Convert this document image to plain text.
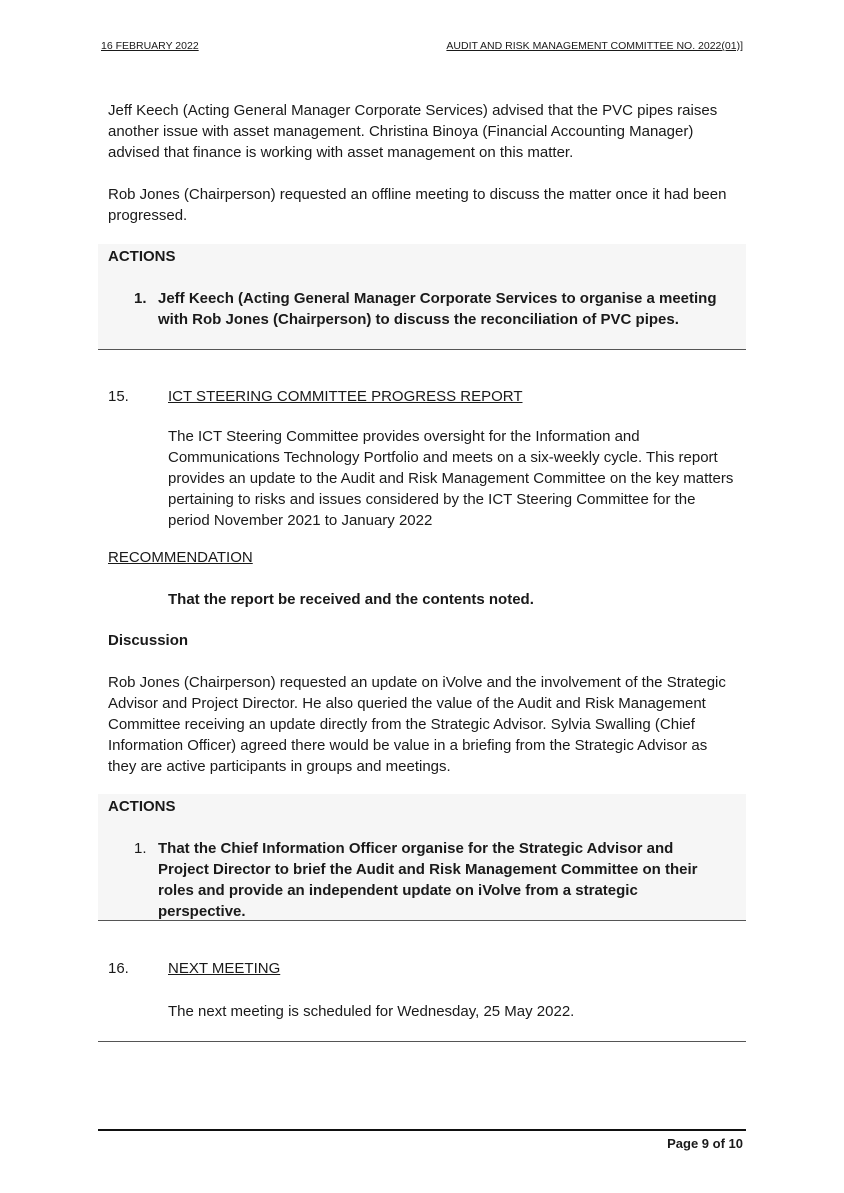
16 FEBRUARY 2022	AUDIT AND RISK MANAGEMENT COMMITTEE NO. 2022(01)]

Jeff Keech (Acting General Manager Corporate Services) advised that the PVC pipes raises another issue with asset management. Christina Binoya (Financial Accounting Manager) advised that finance is working with asset management on this matter.

Rob Jones (Chairperson) requested an offline meeting to discuss the matter once it had been progressed.

ACTIONS
1. Jeff Keech (Acting General Manager Corporate Services to organise a meeting with Rob Jones (Chairperson) to discuss the reconciliation of PVC pipes.
15.	ICT STEERING COMMITTEE PROGRESS REPORT

The ICT Steering Committee provides oversight for the Information and Communications Technology Portfolio and meets on a six-weekly cycle. This report provides an update to the Audit and Risk Management Committee on the key matters pertaining to risks and issues considered by the ICT Steering Committee for the period November 2021 to January 2022

RECOMMENDATION
That the report be received and the contents noted.
Discussion

Rob Jones (Chairperson) requested an update on iVolve and the involvement of the Strategic Advisor and Project Director. He also queried the value of the Audit and Risk Management Committee receiving an update directly from the Strategic Advisor. Sylvia Swalling (Chief Information Officer) agreed there would be value in a briefing from the Strategic Advisor as they are active participants in groups and meetings.

ACTIONS
1. That the Chief Information Officer organise for the Strategic Advisor and Project Director to brief the Audit and Risk Management Committee on their roles and provide an independent update on iVolve from a strategic perspective.
16.	NEXT MEETING
The next meeting is scheduled for Wednesday, 25 May 2022.
Page 9 of 10
